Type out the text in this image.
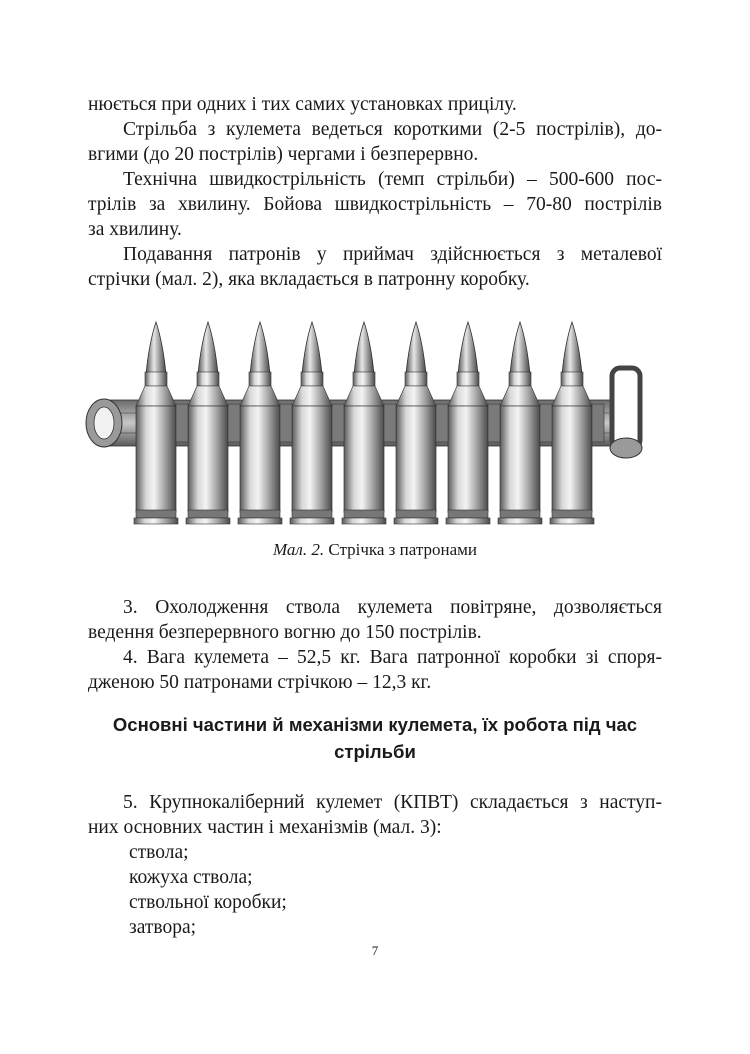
нюється при одних і тих самих установках прицілу.

Стрільба з кулемета ведеться короткими (2-5 пострілів), до-
вгими (до 20 пострілів) чергами і безперервно.

Технічна швидкострільність (темп стрільби) – 500-600 пос-
трілів за хвилину. Бойова швидкострільність – 70-80 пострілів
за хвилину.

Подавання патронів у приймач здійснюється з металевої
стрічки (мал. 2), яка вкладається в патронну коробку.

Мал. 2. Стрічка з патронами

3. Охолодження ствола кулемета повітряне, дозволяється
ведення безперервного вогню до 150 пострілів.

4. Вага кулемета – 52,5 кг. Вага патронної коробки зі споря-
дженою 50 патронами стрічкою – 12,3 кг.

Основні частини й механізми кулемета, їх робота під час
стрільби

5. Крупнокаліберний кулемет (КПВТ) складається з наступ-
них основних частин і механізмів (мал. 3):

ствола;
кожуха ствола;
ствольної коробки;
затвора;
7
